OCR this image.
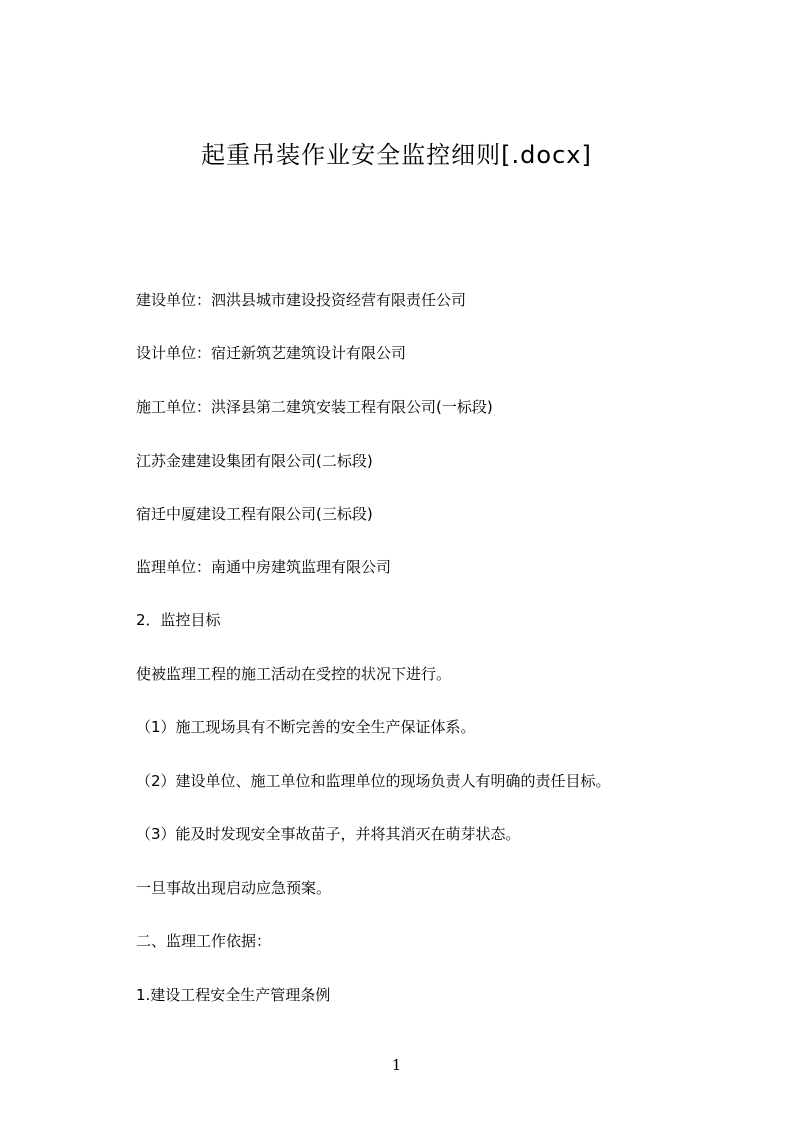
起重吊装作业安全监控细则[.docx]
建设单位：泗洪县城市建设投资经营有限责任公司
设计单位：宿迁新筑艺建筑设计有限公司
施工单位：洪泽县第二建筑安装工程有限公司(一标段)
江苏金建建设集团有限公司(二标段)
宿迁中厦建设工程有限公司(三标段)
监理单位：南通中房建筑监理有限公司
2．监控目标
使被监理工程的施工活动在受控的状况下进行。
（1）施工现场具有不断完善的安全生产保证体系。
（2）建设单位、施工单位和监理单位的现场负责人有明确的责任目标。
（3）能及时发现安全事故苗子，并将其消灭在萌芽状态。
一旦事故出现启动应急预案。
二、监理工作依据：
1.建设工程安全生产管理条例
1
